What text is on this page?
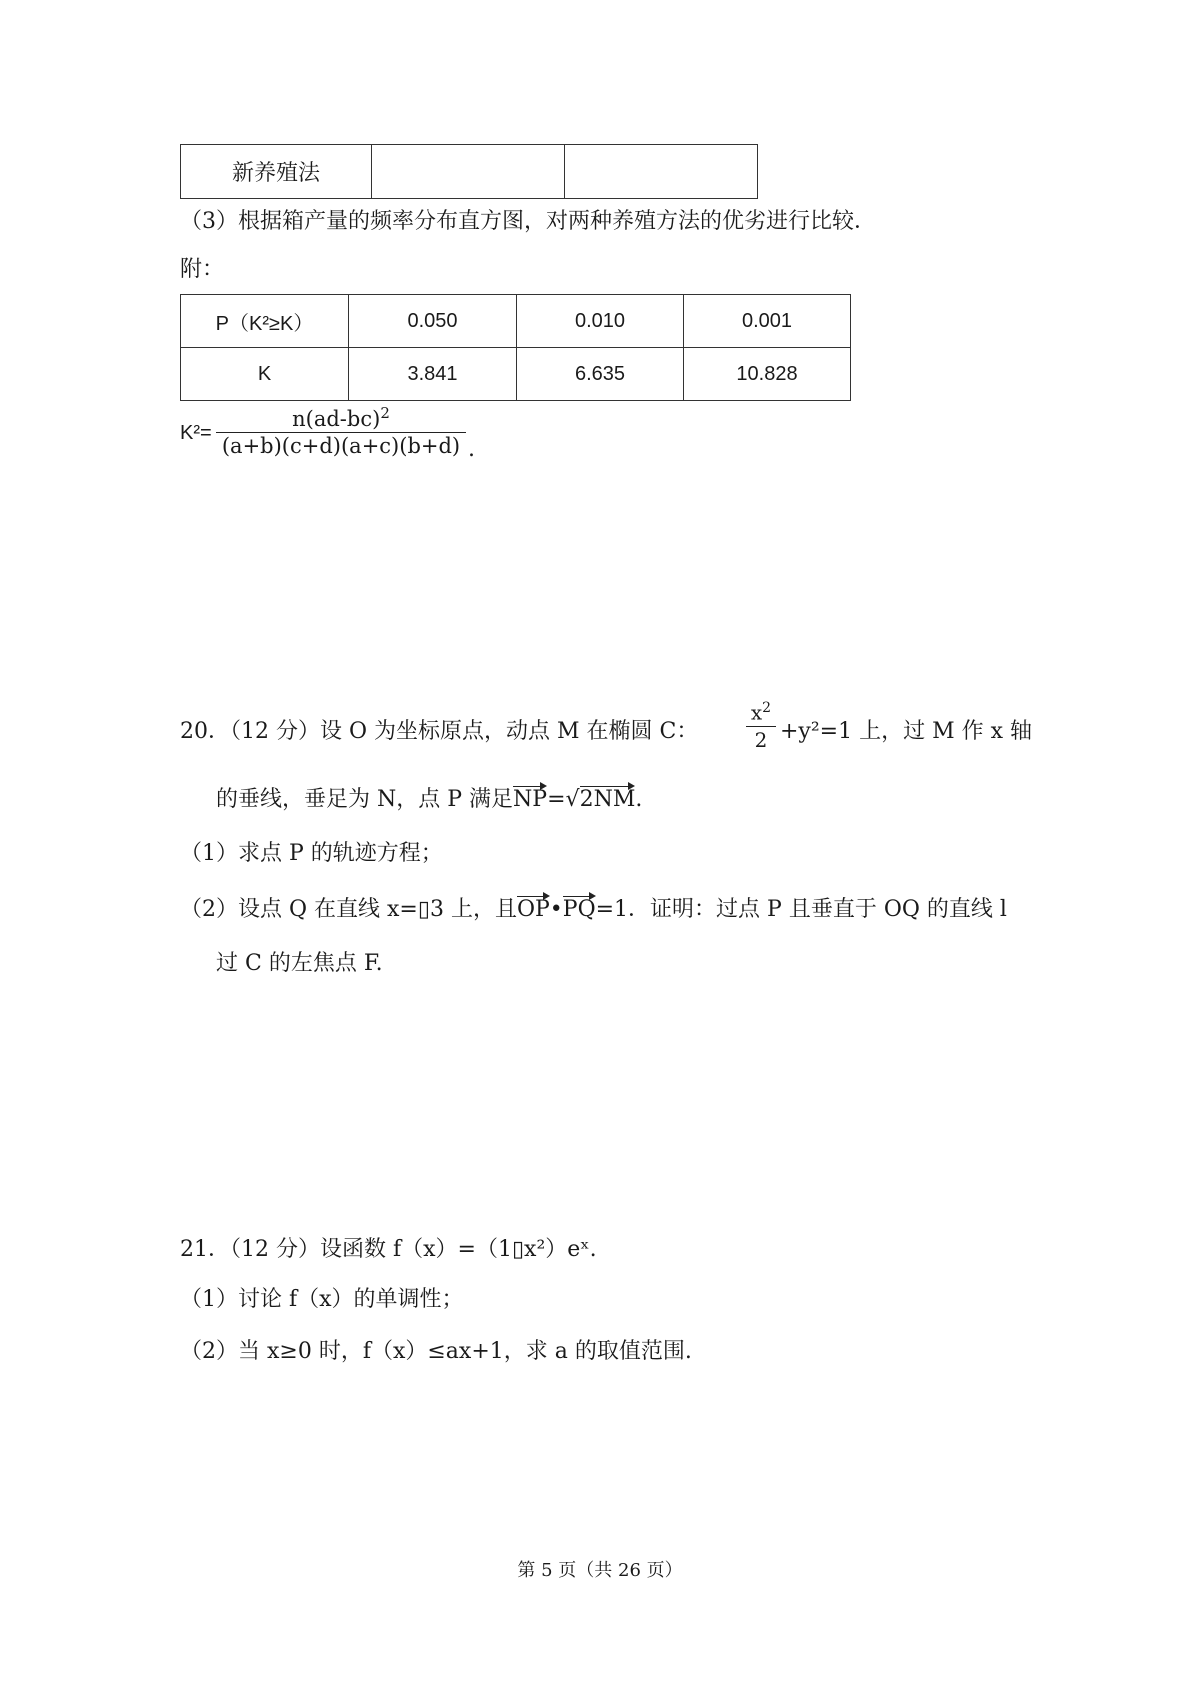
新养殖法		
（3）根据箱产量的频率分布直方图，对两种养殖方法的优劣进行比较．
附：
P（K²≥K）	0.050	0.010	0.001
K	3.841	6.635	10.828
K²=
$n(ad-bc)^2$
(a+b)(c+d)(a+c)(b+d) .
20．（12 分）设 O 为坐标原点，动点 M 在椭圆 C：
$x^2$
2 +y²=1 上，过 M 作 x 轴
的垂线，垂足为 N，点 P 满足NP=√2NM.
（1）求点 P 的轨迹方程；
（2）设点 Q 在直线 x=▯3 上，且OP•PQ=1．证明：过点 P 且垂直于 OQ 的直线 l
过 C 的左焦点 F.
21．（12 分）设函数 f（x）=（1▯x²）eˣ.
（1）讨论 f（x）的单调性；
（2）当 x≥0 时，f（x）≤ax+1，求 a 的取值范围.
第 5 页（共 26 页）
